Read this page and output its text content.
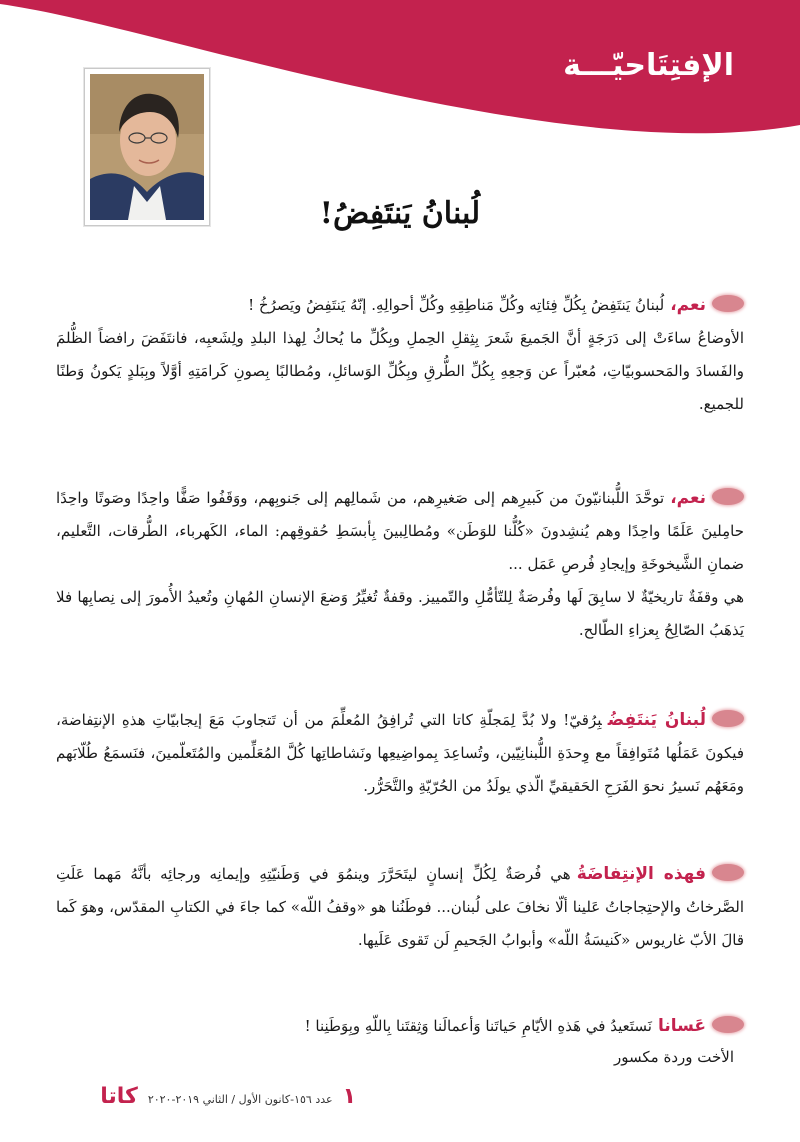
الإفتِتَاحيّـــة
لُبنانُ يَنتَفِضُ!

نعم،لُبنانُ يَنتَفِضُ بِكُلِّ فِئاتِه وكُلِّ مَناطِقِهِ وكُلِّ أحوالِهِ. إنّهُ يَنتَفِضُ ويَصرُخُ !
الأوضاعُ ساءَتْ إلى دَرَجَةٍ أنَّ الجَميعَ شَعرَ بِثِقلِ الحِملِ وبِكُلِّ ما يُحاكُ لِهذا البلدِ ولِشَعبِه، فانتَفَضَ رافضاً الظُّلمَ والفَسادَ والمَحسوبيّاتِ، مُعبّراً عن وَجعِهِ بِكُلِّ الطُّرقِ وبِكُلِّ الوَسائلِ، ومُطالبًا بِصونِ كَرامَتِهِ أوَّلاً وبِبَلدٍ يَكونُ وَطنًا للجميع.

نعم،توحَّدَ اللُّبنانيّونَ من كَبيرِهم إلى صَغيرِهم، من شَمالِهم إلى جَنوبِهم، ووَقَفُوا صَفًّا واحِدًا وصَوتًا واحِدًا حامِلينَ عَلَمًا واحِدًا وهم يُنشِدونَ «كُلُّنا للوَطَن» ومُطالِبينَ بِأبسَطِ حُقوقِهم: الماء، الكَهرباء، الطُّرقات، التَّعليم، ضمانِ الشَّيخوخَةِ وإيجادِ فُرصِ عَمَل ...
هي وقفَةٌ تاريخيّةٌ لا سابِقَ لَها وفُرصَةٌ لِلتّأمُّلِ والتّمييز. وقفةٌ تُغيِّرُ وَضعَ الإنسانِ المُهانِ وتُعيدُ الأُمورَ إلى نِصابِها فلا يَذهَبُ الصّالِحُ بِعزاءِ الطّالح.

لُبنانُ يَنتَفِضُبِرُقيّ! ولا بُدَّ لِمَجلّةِ كاتا التي تُرافِقُ المُعلِّمَ من أن تَتجاوبَ مَعَ إيجابيّاتِ هذهِ الإنتِفاضة، فيكونَ عَمَلُها مُتَوافِقاً مع وِحدَةِ اللُّبنانِيّين، وتُساعِدَ بِمواضِيعِها ونَشاطاتِها كُلَّ المُعَلِّمين والمُتَعلّمينَ، فنَسمَعُ طُلّابَهم ومَعَهُم نَسيرُ نحوَ الفَرَحِ الحَقيقيِّ الّذي يولَدُ من الحُرّيّةِ والتَّحَرُّر.

فهذه الإنتِفاضَةُهي فُرصَةٌ لِكُلِّ إنسانٍ ليتَحَرَّرَ وينمُوَ في وَطَنيّتِهِ وإيمانِه ورجائِه بأنَّهُ مَهما عَلَتِ الصَّرخاتُ والإحتِجاجاتُ عَلينا ألّا نخافَ على لُبنان... فوطَنُنا هو «وقفُ اللّه» كما جاءَ في الكتابِ المقدّس، وهوَ كَما قالَ الأبّ غاريوس «كَنيسَةُ اللّه» وأبوابُ الجَحيمِ لَن تَقوى عَلَيها.

عَسانانَستَعيدُ في هَذهِ الأيّامِ حَياتَنا وَأعمالَنا وَثِقتَنا بِاللّهِ وبِوَطَنِنا !

الأخت وردة مكسور

كاتا عدد ١٥٦-كانون الأول / الثاني ٢٠١٩-٢٠٢٠ ١
